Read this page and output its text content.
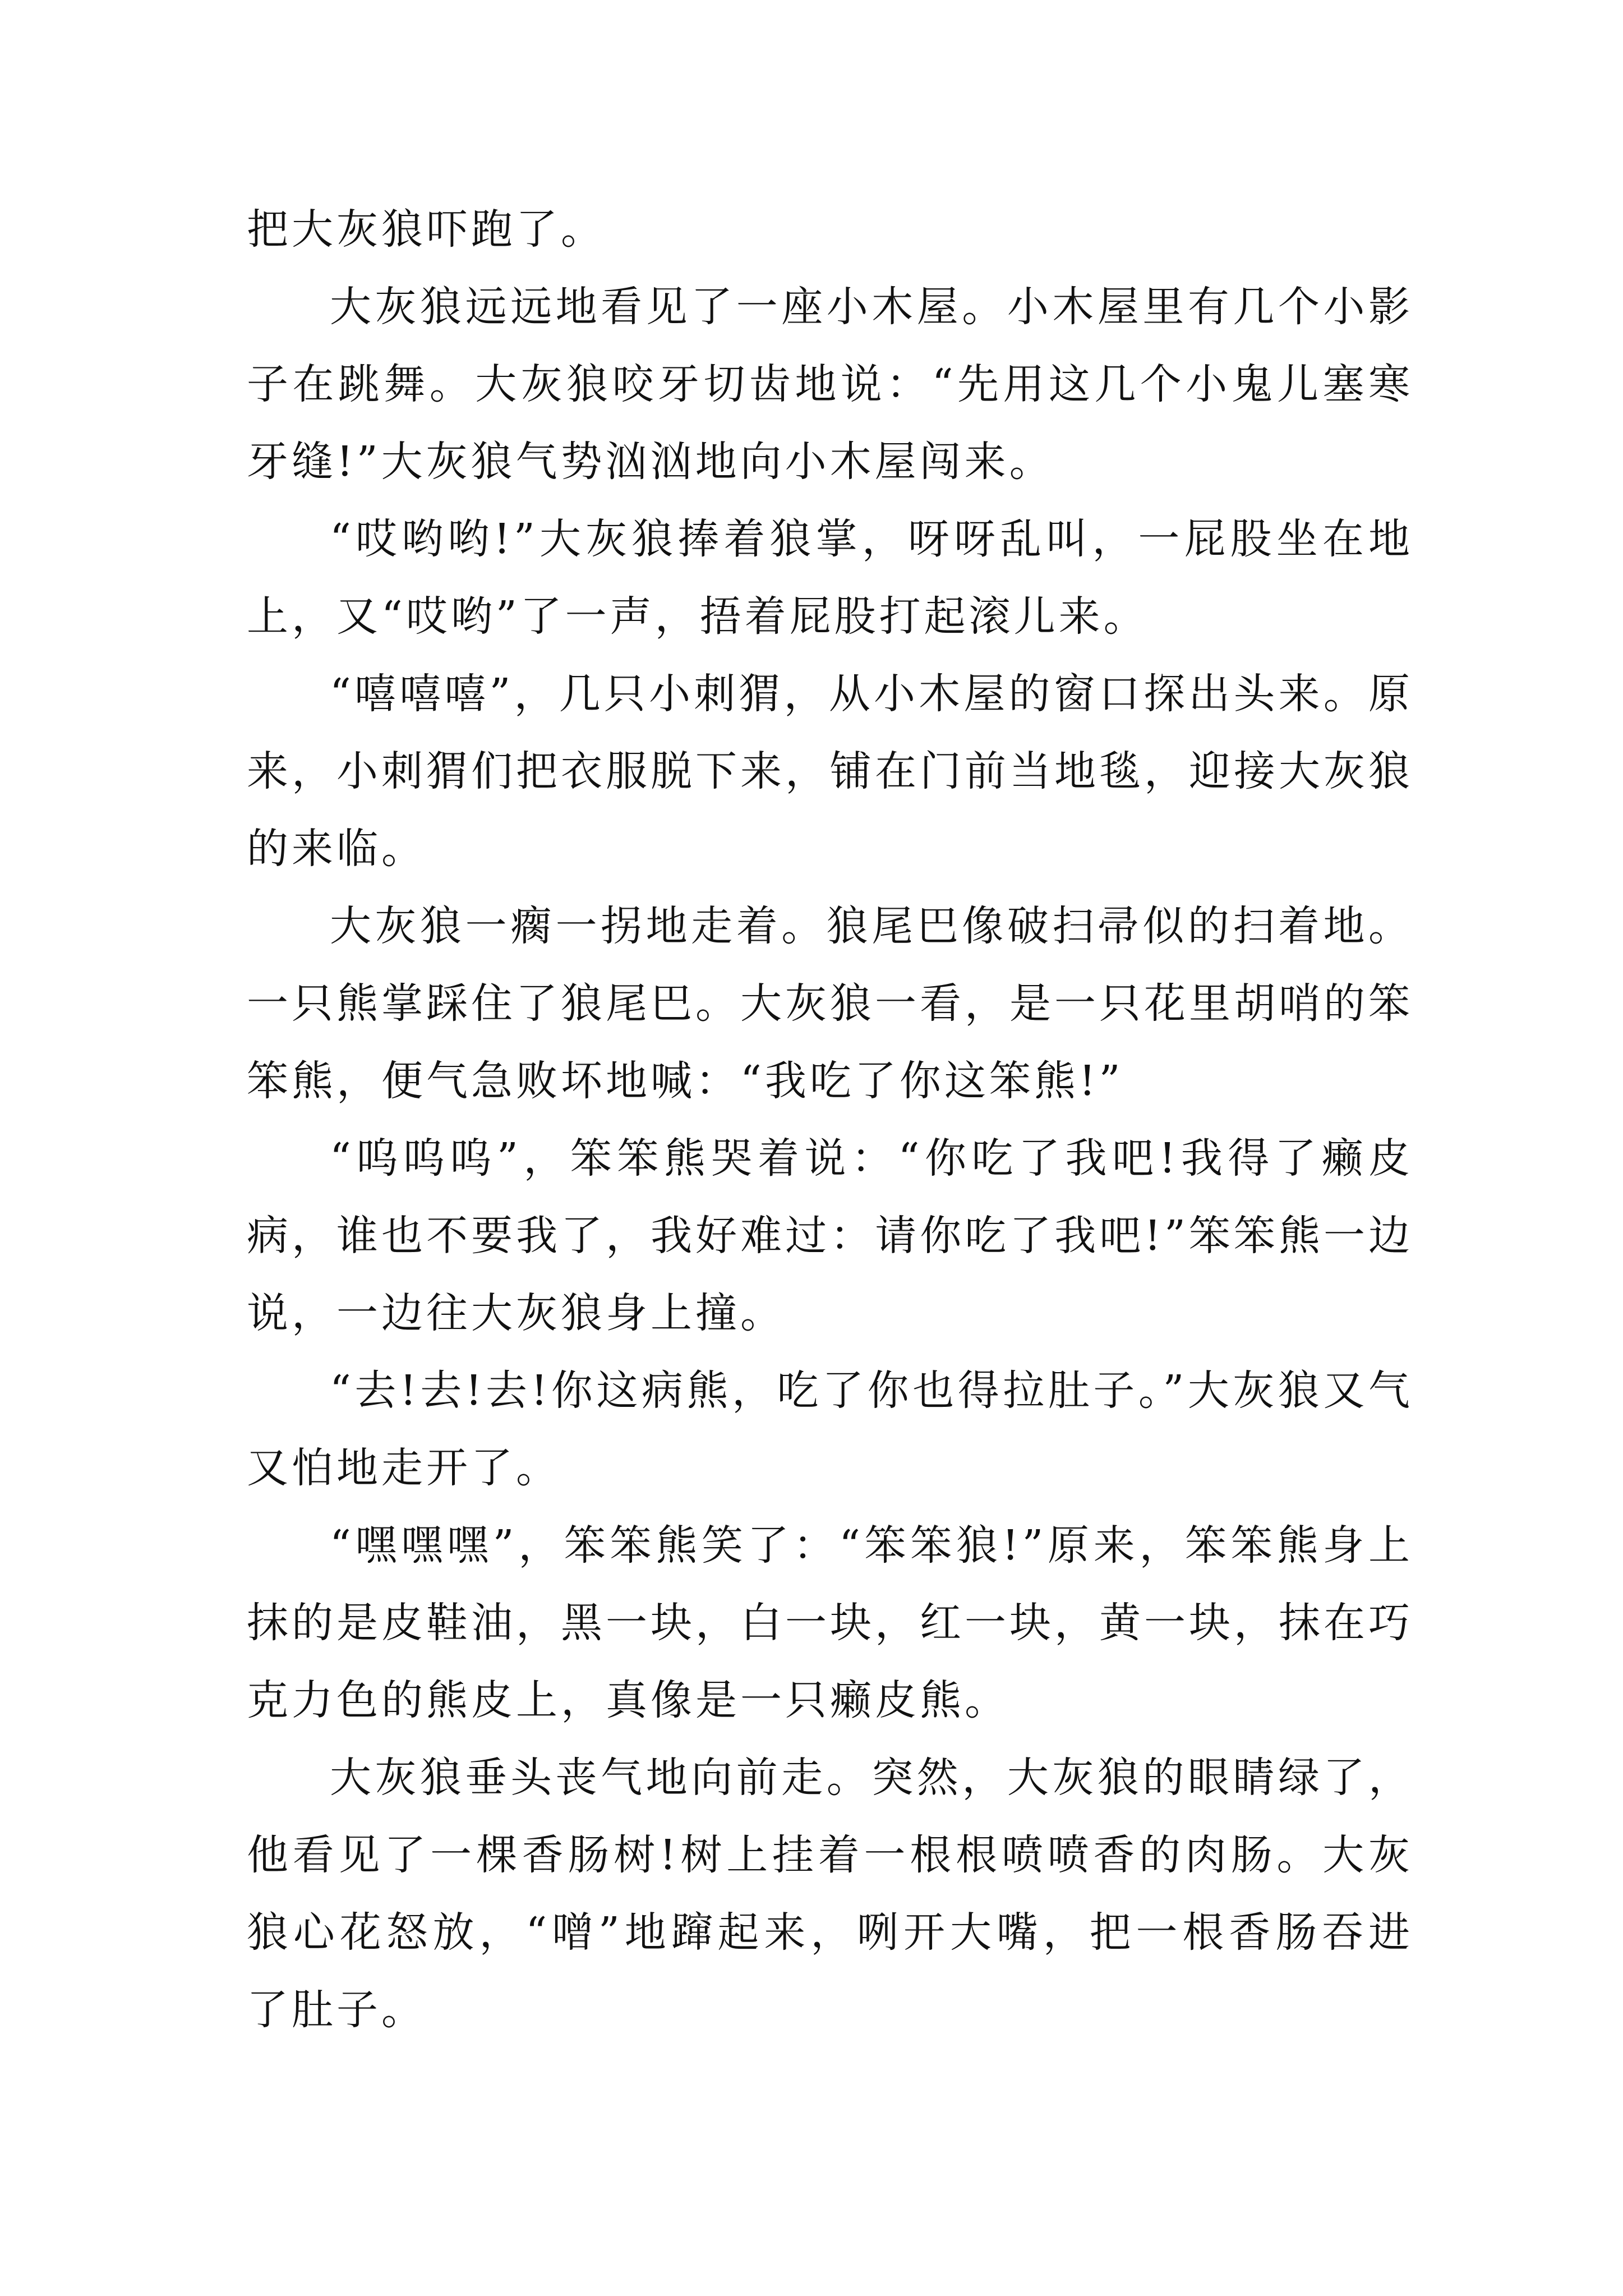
把大灰狼吓跑了。

大灰狼远远地看见了一座小木屋。小木屋里有几个小影子在跳舞。大灰狼咬牙切齿地说：“先用这几个小鬼儿塞寒牙缝!”大灰狼气势汹汹地向小木屋闯来。

“哎哟哟!”大灰狼捧着狼掌，呀呀乱叫，一屁股坐在地上，又“哎哟”了一声，捂着屁股打起滚儿来。

“嘻嘻嘻”，几只小刺猬，从小木屋的窗口探出头来。原来，小刺猬们把衣服脱下来，铺在门前当地毯，迎接大灰狼的来临。

大灰狼一瘸一拐地走着。狼尾巴像破扫帚似的扫着地。一只熊掌踩住了狼尾巴。大灰狼一看，是一只花里胡哨的笨笨熊，便气急败坏地喊：“我吃了你这笨熊!”

“呜呜呜”，笨笨熊哭着说：“你吃了我吧!我得了癞皮病，谁也不要我了，我好难过：请你吃了我吧!”笨笨熊一边说，一边往大灰狼身上撞。

“去!去!去!你这病熊，吃了你也得拉肚子。”大灰狼又气又怕地走开了。

“嘿嘿嘿”，笨笨熊笑了：“笨笨狼!”原来，笨笨熊身上抹的是皮鞋油，黑一块，白一块，红一块，黄一块，抹在巧克力色的熊皮上，真像是一只癞皮熊。

大灰狼垂头丧气地向前走。突然，大灰狼的眼睛绿了，他看见了一棵香肠树!树上挂着一根根喷喷香的肉肠。大灰狼心花怒放，“噌”地蹿起来，咧开大嘴，把一根香肠吞进了肚子。
